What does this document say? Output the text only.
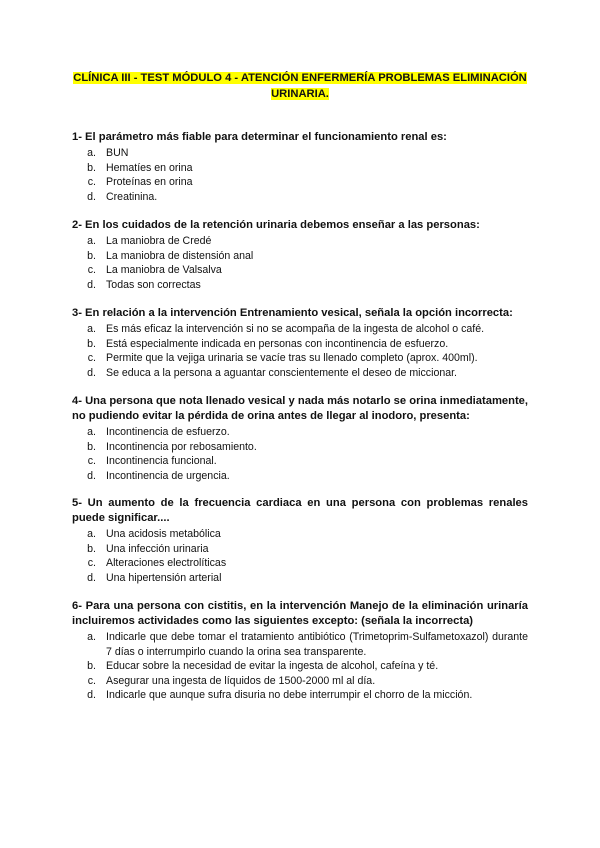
CLÍNICA III - TEST MÓDULO 4 - ATENCIÓN ENFERMERÍA PROBLEMAS ELIMINACIÓN
URINARIA.
1- El parámetro más fiable para determinar el funcionamiento renal es:
a. BUN
b. Hematíes en orina
c. Proteínas en orina
d. Creatinina.
2- En los cuidados de la retención urinaria debemos enseñar a las personas:
a. La maniobra de Credé
b. La maniobra de distensión anal
c. La maniobra de Valsalva
d. Todas son correctas
3- En relación a la intervención Entrenamiento vesical, señala la opción incorrecta:
a. Es más eficaz la intervención si no se acompaña de la ingesta de alcohol o café.
b. Está especialmente indicada en personas con incontinencia de esfuerzo.
c. Permite que la vejiga urinaria se vacíe tras su llenado completo (aprox. 400ml).
d. Se educa a la persona a aguantar conscientemente el deseo de miccionar.
4- Una persona que nota llenado vesical y nada más notarlo se orina inmediatamente, no pudiendo evitar la pérdida de orina antes de llegar al inodoro, presenta:
a. Incontinencia de esfuerzo.
b. Incontinencia por rebosamiento.
c. Incontinencia funcional.
d. Incontinencia de urgencia.
5- Un aumento de la frecuencia cardiaca en una persona con problemas renales puede significar....
a. Una acidosis metabólica
b. Una infección urinaria
c. Alteraciones electrolíticas
d. Una hipertensión arterial
6- Para una persona con cistitis, en la intervención Manejo de la eliminación urinaría incluiremos actividades como las siguientes excepto: (señala la incorrecta)
a. Indicarle que debe tomar el tratamiento antibiótico (Trimetoprim-Sulfametoxazol) durante 7 días o interrumpirlo cuando la orina sea transparente.
b. Educar sobre la necesidad de evitar la ingesta de alcohol, cafeína y té.
c. Asegurar una ingesta de líquidos de 1500-2000 ml al día.
d. Indicarle que aunque sufra disuria no debe interrumpir el chorro de la micción.
